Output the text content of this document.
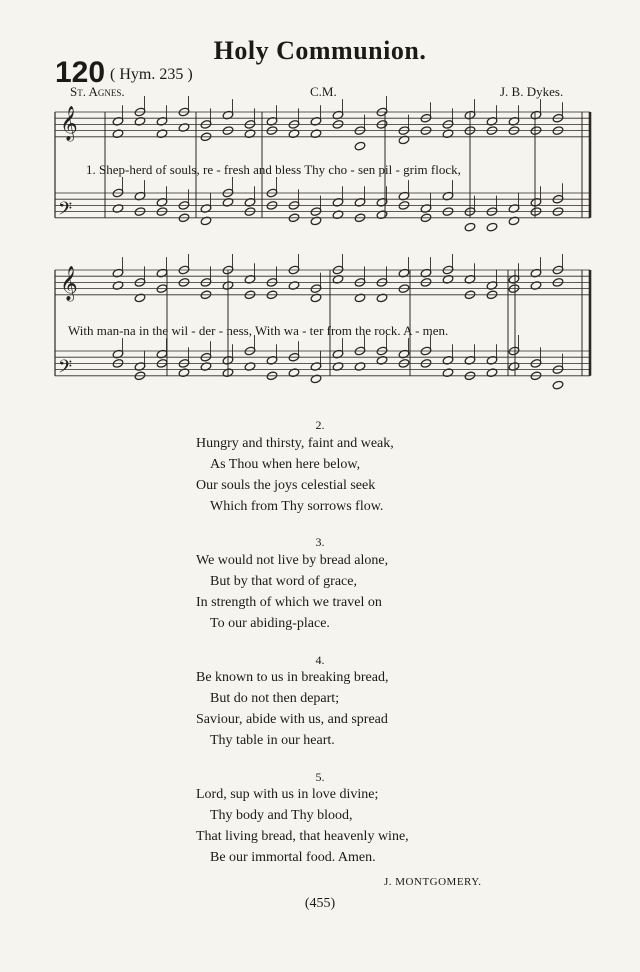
Holy Communion.
120 ( Hym. 235 )
St. Agnes.	C.M.	J. B. Dykes.
𝄞
𝄞
𝄢
𝄢
1. Shep-herd of souls, re - fresh and bless Thy cho - sen pil - grim flock,
With man-na in the wil - der - ness, With wa - ter from the rock. A - men.
2.
Hungry and thirsty, faint and weak,
As Thou when here below,
Our souls the joys celestial seek
Which from Thy sorrows flow.
3.
We would not live by bread alone,
But by that word of grace,
In strength of which we travel on
To our abiding-place.
4.
Be known to us in breaking bread,
But do not then depart;
Saviour, abide with us, and spread
Thy table in our heart.
5.
Lord, sup with us in love divine;
Thy body and Thy blood,
That living bread, that heavenly wine,
Be our immortal food. Amen.
J. MONTGOMERY.
(455)
